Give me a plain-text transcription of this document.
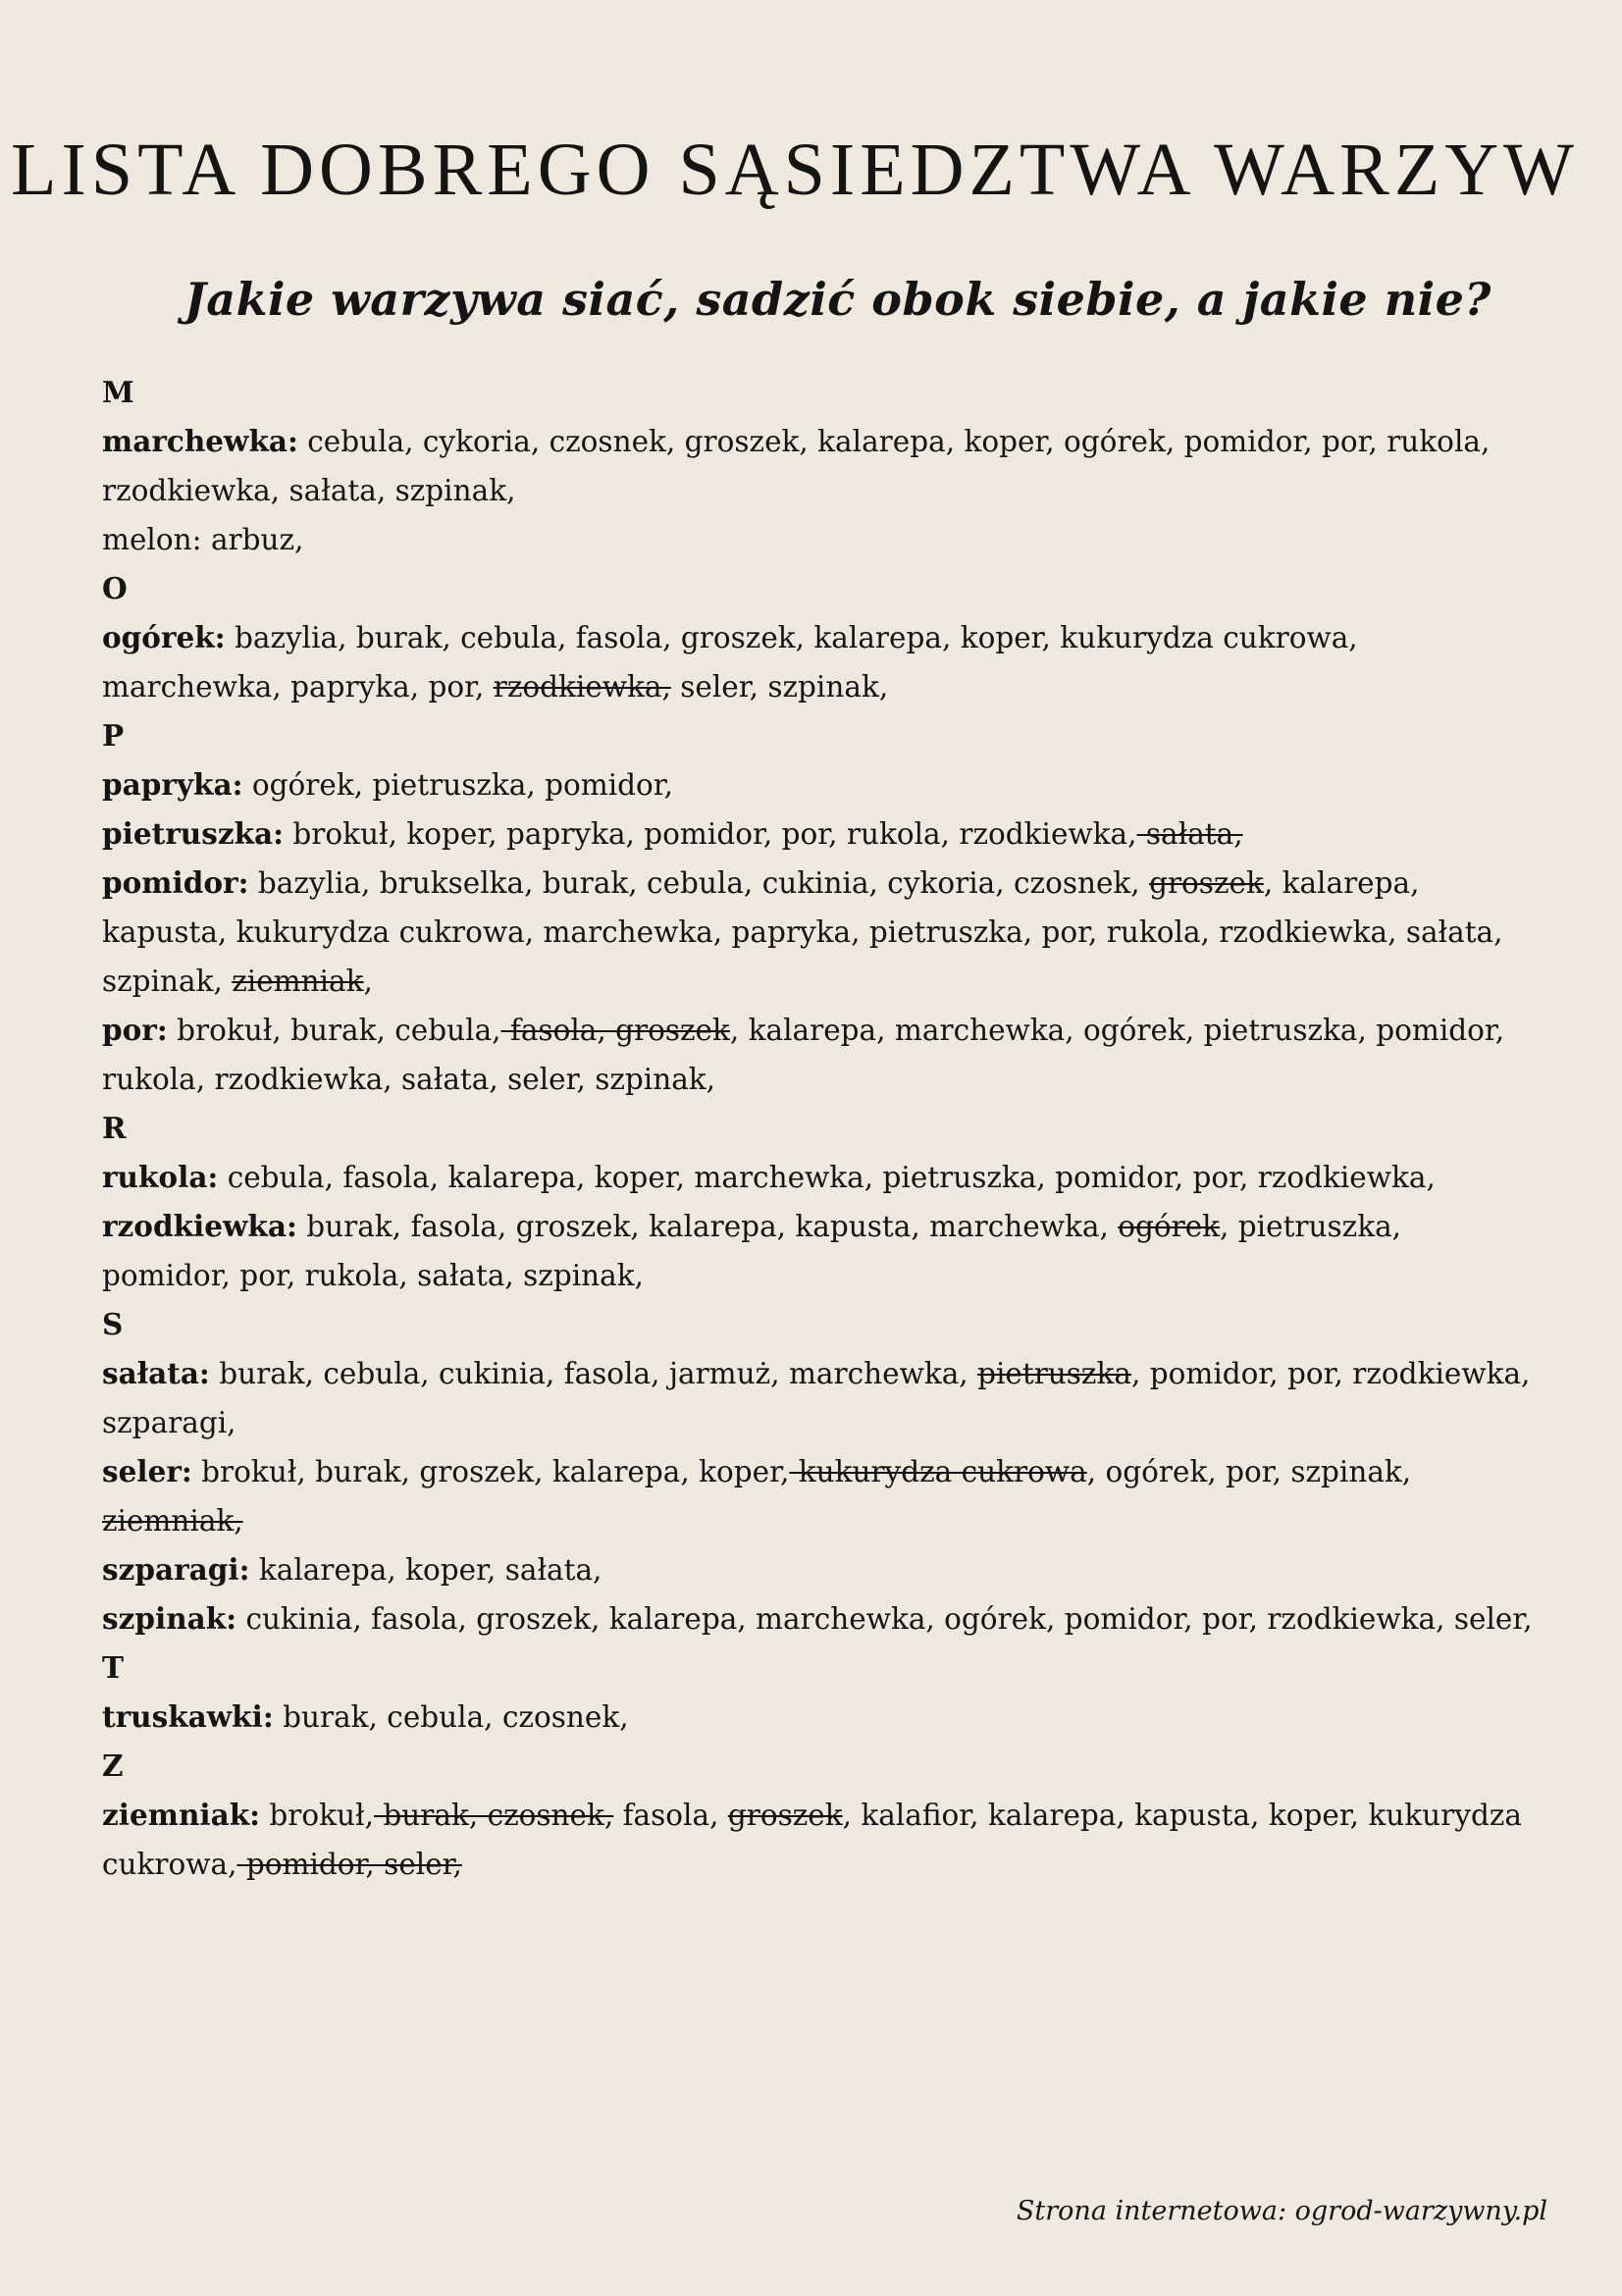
LISTA DOBREGO SĄSIEDZTWA WARZYW
Jakie warzywa siać, sadzić obok siebie, a jakie nie?
M
marchewka: cebula, cykoria, czosnek, groszek, kalarepa, koper, ogórek, pomidor, por, rukola, rzodkiewka, sałata, szpinak,
melon: arbuz,
O
ogórek: bazylia, burak, cebula, fasola, groszek, kalarepa, koper, kukurydza cukrowa, marchewka, papryka, por, rzodkiewka, seler, szpinak,
P
papryka: ogórek, pietruszka, pomidor,
pietruszka: brokuł, koper, papryka, pomidor, por, rukola, rzodkiewka, sałata,
pomidor: bazylia, brukselka, burak, cebula, cukinia, cykoria, czosnek, groszek, kalarepa, kapusta, kukurydza cukrowa, marchewka, papryka, pietruszka, por, rukola, rzodkiewka, sałata, szpinak, ziemniak,
por: brokuł, burak, cebula, fasola, groszek, kalarepa, marchewka, ogórek, pietruszka, pomidor, rukola, rzodkiewka, sałata, seler, szpinak,
R
rukola: cebula, fasola, kalarepa, koper, marchewka, pietruszka, pomidor, por, rzodkiewka,
rzodkiewka: burak, fasola, groszek, kalarepa, kapusta, marchewka, ogórek, pietruszka, pomidor, por, rukola, sałata, szpinak,
S
sałata: burak, cebula, cukinia, fasola, jarmuż, marchewka, pietruszka, pomidor, por, rzodkiewka, szparagi,
seler: brokuł, burak, groszek, kalarepa, koper, kukurydza cukrowa, ogórek, por, szpinak, ziemniak,
szparagi: kalarepa, koper, sałata,
szpinak: cukinia, fasola, groszek, kalarepa, marchewka, ogórek, pomidor, por, rzodkiewka, seler,
T
truskawki: burak, cebula, czosnek,
Z
ziemniak: brokuł, burak, czosnek, fasola, groszek, kalafior, kalarepa, kapusta, koper, kukurydza cukrowa, pomidor, seler,
Strona internetowa: ogrod-warzywny.pl
